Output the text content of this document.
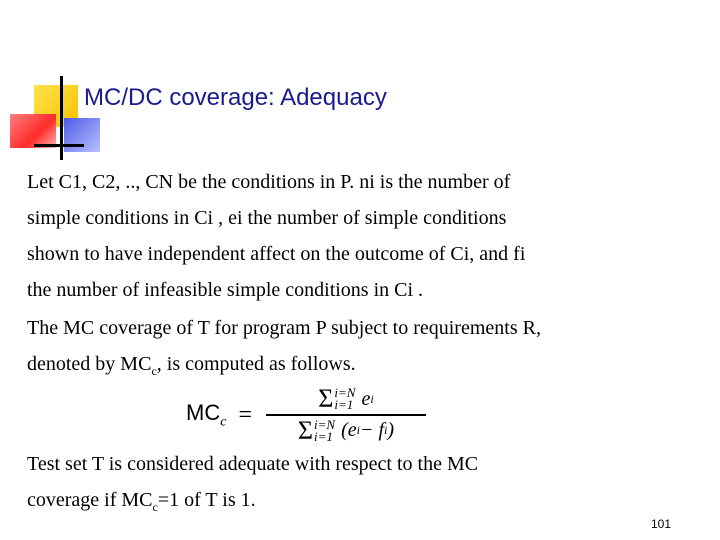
MC/DC coverage: Adequacy
Let C1, C2, .., CN be the conditions in P. ni is the number of
simple conditions in Ci , ei the number of simple conditions
shown to have independent affect on the outcome of Ci, and fi
the number of infeasible simple conditions in Ci .
The MC coverage of T for program P subject to requirements R,
denoted by $MC_c$, is computed as follows.
$MC_c = \Sigma$ i=N
i=1 e i
Σ i=N
i=1 (e i − f i )
Test set T is considered adequate with respect to the MC
coverage if $MC_c=1$ of T is 1.
101
